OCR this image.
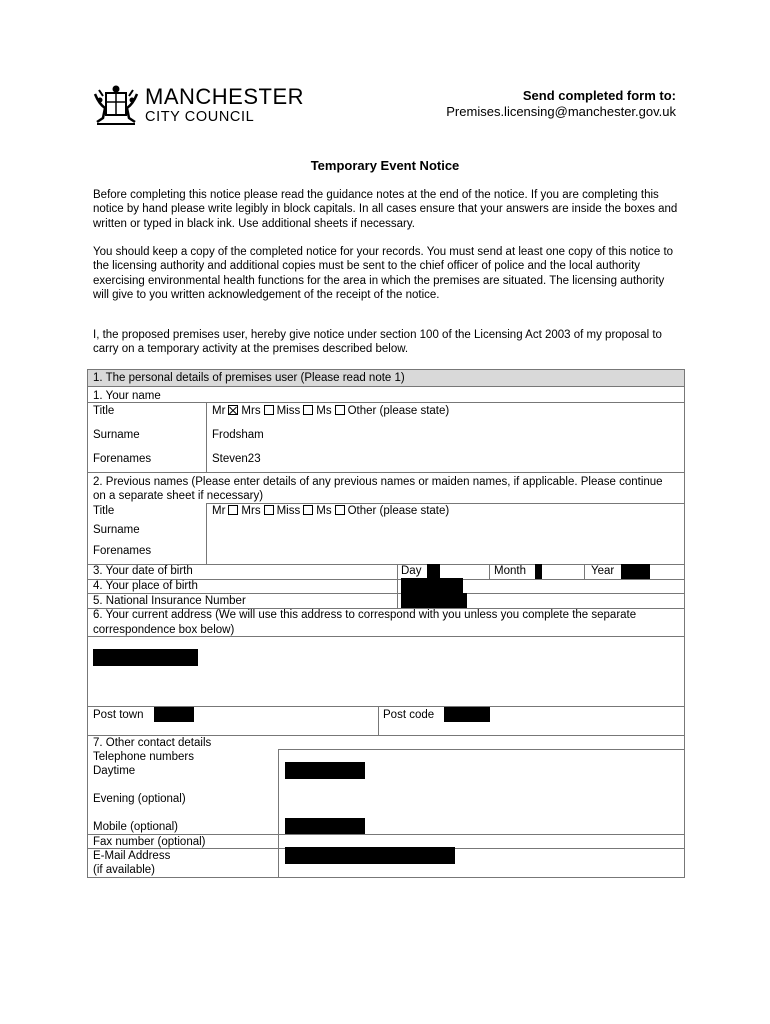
MANCHESTER
CITY COUNCIL
Send completed form to:
Premises.licensing@manchester.gov.uk
Temporary Event Notice
Before completing this notice please read the guidance notes at the end of the notice. If you are completing this notice by hand please write legibly in block capitals. In all cases ensure that your answers are inside the boxes and written or typed in black ink. Use additional sheets if necessary.
You should keep a copy of the completed notice for your records. You must send at least one copy of this notice to the licensing authority and additional copies must be sent to the chief officer of police and the local authority exercising environmental health functions for the area in which the premises are situated. The licensing authority will give to you written acknowledgement of the receipt of the notice.
I, the proposed premises user, hereby give notice under section 100 of the Licensing Act 2003 of my proposal to carry on a temporary activity at the premises described below.
1. The personal details of premises user (Please read note 1)
1. Your name
Title	Mr Mrs Miss Ms Other (please state)
Surname	Frodsham
Forenames	Steven23
2. Previous names (Please enter details of any previous names or maiden names, if applicable. Please continue on a separate sheet if necessary)
Title	Mr Mrs Miss Ms Other (please state)
Surname
Forenames
3. Your date of birth	Day	Month	Year
4. Your place of birth
5. National Insurance Number
6. Your current address (We will use this address to correspond with you unless you complete the separate correspondence box below)
Post town	Post code
7. Other contact details
Telephone numbers
Daytime
Evening (optional)
Mobile (optional)
Fax number (optional)
E-Mail Address
(if available)
